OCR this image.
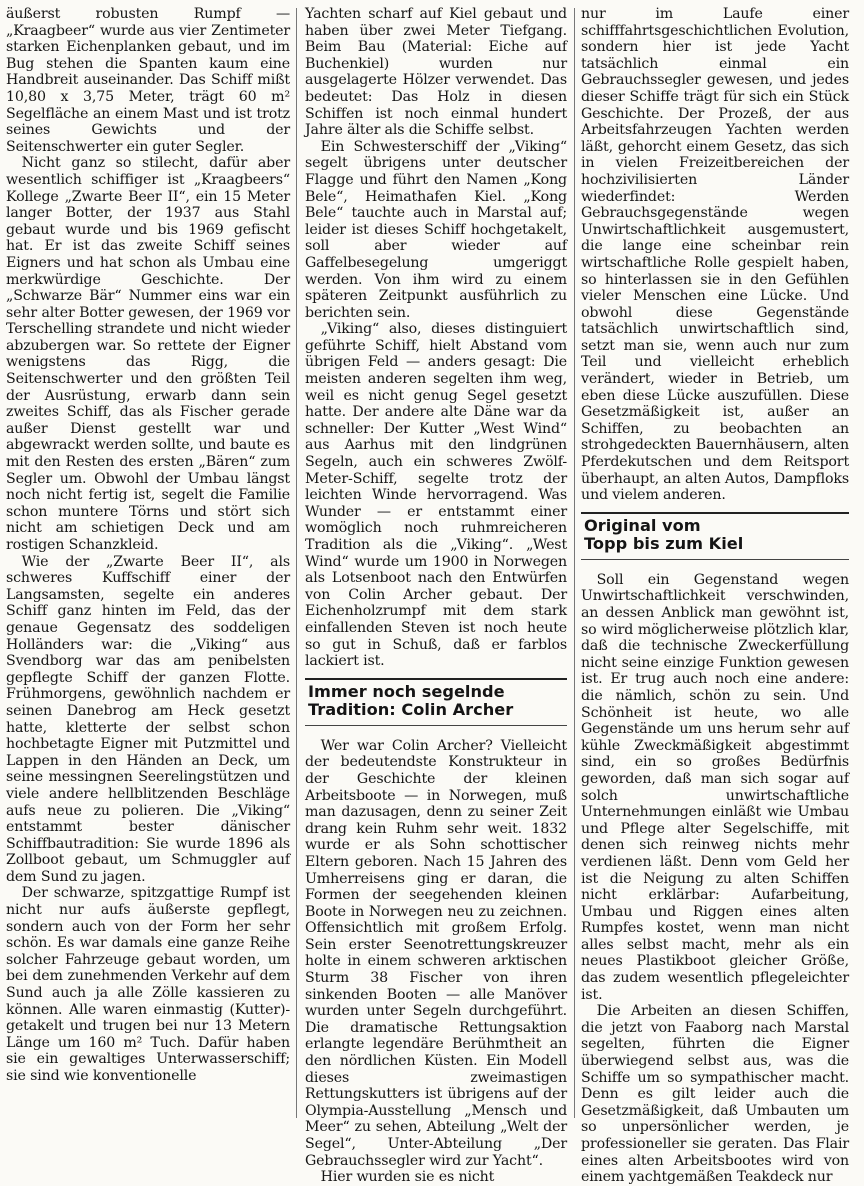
äußerst robusten Rumpf — „Kraagbeer“ wurde aus vier Zentimeter starken Eichenplanken gebaut, und im Bug stehen die Spanten kaum eine Handbreit auseinander. Das Schiff mißt 10,80 x 3,75 Meter, trägt 60 m² Segelfläche an einem Mast und ist trotz seines Gewichts und der Seitenschwerter ein guter Segler.

Nicht ganz so stilecht, dafür aber wesentlich schiffiger ist „Kraagbeers“ Kollege „Zwarte Beer II“, ein 15 Meter langer Botter, der 1937 aus Stahl gebaut wurde und bis 1969 gefischt hat. Er ist das zweite Schiff seines Eigners und hat schon als Umbau eine merkwürdige Geschichte. Der „Schwarze Bär“ Nummer eins war ein sehr alter Botter gewesen, der 1969 vor Terschelling strandete und nicht wieder abzubergen war. So rettete der Eigner wenigstens das Rigg, die Seitenschwerter und den größten Teil der Ausrüstung, erwarb dann sein zweites Schiff, das als Fischer gerade außer Dienst gestellt war und abgewrackt werden sollte, und baute es mit den Resten des ersten „Bären“ zum Segler um. Obwohl der Umbau längst noch nicht fertig ist, segelt die Familie schon muntere Törns und stört sich nicht am schietigen Deck und am rostigen Schanzkleid.

Wie der „Zwarte Beer II“, als schweres Kuffschiff einer der Langsamsten, segelte ein anderes Schiff ganz hinten im Feld, das der genaue Gegensatz des soddeligen Holländers war: die „Viking“ aus Svendborg war das am penibelsten gepflegte Schiff der ganzen Flotte. Frühmorgens, gewöhnlich nachdem er seinen Danebrog am Heck gesetzt hatte, kletterte der selbst schon hochbetagte Eigner mit Putzmittel und Lappen in den Händen an Deck, um seine messingnen Seerelingstützen und viele andere hellblitzenden Beschläge aufs neue zu polieren. Die „Viking“ entstammt bester dänischer Schiffbautradition: Sie wurde 1896 als Zollboot gebaut, um Schmuggler auf dem Sund zu jagen.

Der schwarze, spitzgattige Rumpf ist nicht nur aufs äußerste gepflegt, sondern auch von der Form her sehr schön. Es war damals eine ganze Reihe solcher Fahrzeuge gebaut worden, um bei dem zunehmenden Verkehr auf dem Sund auch ja alle Zölle kassieren zu können. Alle waren einmastig (Kutter)-getakelt und trugen bei nur 13 Metern Länge um 160 m² Tuch. Dafür haben sie ein gewaltiges Unterwasserschiff; sie sind wie konventionelle

Yachten scharf auf Kiel gebaut und haben über zwei Meter Tiefgang. Beim Bau (Material: Eiche auf Buchenkiel) wurden nur ausgelagerte Hölzer verwendet. Das bedeutet: Das Holz in diesen Schiffen ist noch einmal hundert Jahre älter als die Schiffe selbst.

Ein Schwesterschiff der „Viking“ segelt übrigens unter deutscher Flagge und führt den Namen „Kong Bele“, Heimathafen Kiel. „Kong Bele“ tauchte auch in Marstal auf; leider ist dieses Schiff hochgetakelt, soll aber wieder auf Gaffelbesegelung umgeriggt werden. Von ihm wird zu einem späteren Zeitpunkt ausführlich zu berichten sein.

„Viking“ also, dieses distinguiert geführte Schiff, hielt Abstand vom übrigen Feld — anders gesagt: Die meisten anderen segelten ihm weg, weil es nicht genug Segel gesetzt hatte. Der andere alte Däne war da schneller: Der Kutter „West Wind“ aus Aarhus mit den lindgrünen Segeln, auch ein schweres Zwölf-Meter-Schiff, segelte trotz der leichten Winde hervorragend. Was Wunder — er entstammt einer womöglich noch ruhmreicheren Tradition als die „Viking“. „West Wind“ wurde um 1900 in Norwegen als Lotsenboot nach den Entwürfen von Colin Archer gebaut. Der Eichenholzrumpf mit dem stark einfallenden Steven ist noch heute so gut in Schuß, daß er farblos lackiert ist.

Immer noch segelnde
Tradition: Colin Archer

Wer war Colin Archer? Vielleicht der bedeutendste Konstrukteur in der Geschichte der kleinen Arbeitsboote — in Norwegen, muß man dazusagen, denn zu seiner Zeit drang kein Ruhm sehr weit. 1832 wurde er als Sohn schottischer Eltern geboren. Nach 15 Jahren des Umherreisens ging er daran, die Formen der seegehenden kleinen Boote in Norwegen neu zu zeichnen. Offensichtlich mit großem Erfolg. Sein erster Seenotrettungskreuzer holte in einem schweren arktischen Sturm 38 Fischer von ihren sinkenden Booten — alle Manöver wurden unter Segeln durchgeführt. Die dramatische Rettungsaktion erlangte legendäre Berühmtheit an den nördlichen Küsten. Ein Modell dieses zweimastigen Rettungskutters ist übrigens auf der Olympia-Ausstellung „Mensch und Meer“ zu sehen, Abteilung „Welt der Segel“, Unter-Abteilung „Der Gebrauchssegler wird zur Yacht“.

Hier wurden sie es nicht

nur im Laufe einer schifffahrtsgeschichtlichen Evolution, sondern hier ist jede Yacht tatsächlich einmal ein Gebrauchssegler gewesen, und jedes dieser Schiffe trägt für sich ein Stück Geschichte. Der Prozeß, der aus Arbeitsfahrzeugen Yachten werden läßt, gehorcht einem Gesetz, das sich in vielen Freizeitbereichen der hochzivilisierten Länder wiederfindet: Werden Gebrauchsgegenstände wegen Unwirtschaftlichkeit ausgemustert, die lange eine scheinbar rein wirtschaftliche Rolle gespielt haben, so hinterlassen sie in den Gefühlen vieler Menschen eine Lücke. Und obwohl diese Gegenstände tatsächlich unwirtschaftlich sind, setzt man sie, wenn auch nur zum Teil und vielleicht erheblich verändert, wieder in Betrieb, um eben diese Lücke auszufüllen. Diese Gesetzmäßigkeit ist, außer an Schiffen, zu beobachten an strohgedeckten Bauernhäusern, alten Pferdekutschen und dem Reitsport überhaupt, an alten Autos, Dampfloks und vielem anderen.

Original vom
Topp bis zum Kiel

Soll ein Gegenstand wegen Unwirtschaftlichkeit verschwinden, an dessen Anblick man gewöhnt ist, so wird möglicherweise plötzlich klar, daß die technische Zweckerfüllung nicht seine einzige Funktion gewesen ist. Er trug auch noch eine andere: die nämlich, schön zu sein. Und Schönheit ist heute, wo alle Gegenstände um uns herum sehr auf kühle Zweckmäßigkeit abgestimmt sind, ein so großes Bedürfnis geworden, daß man sich sogar auf solch unwirtschaftliche Unternehmungen einläßt wie Umbau und Pflege alter Segelschiffe, mit denen sich reinweg nichts mehr verdienen läßt. Denn vom Geld her ist die Neigung zu alten Schiffen nicht erklärbar: Aufarbeitung, Umbau und Riggen eines alten Rumpfes kostet, wenn man nicht alles selbst macht, mehr als ein neues Plastikboot gleicher Größe, das zudem wesentlich pflegeleichter ist.

Die Arbeiten an diesen Schiffen, die jetzt von Faaborg nach Marstal segelten, führten die Eigner überwiegend selbst aus, was die Schiffe um so sympathischer macht. Denn es gilt leider auch die Gesetzmäßigkeit, daß Umbauten um so unpersönlicher werden, je professioneller sie geraten. Das Flair eines alten Arbeitsbootes wird von einem yachtgemäßen Teakdeck nur
